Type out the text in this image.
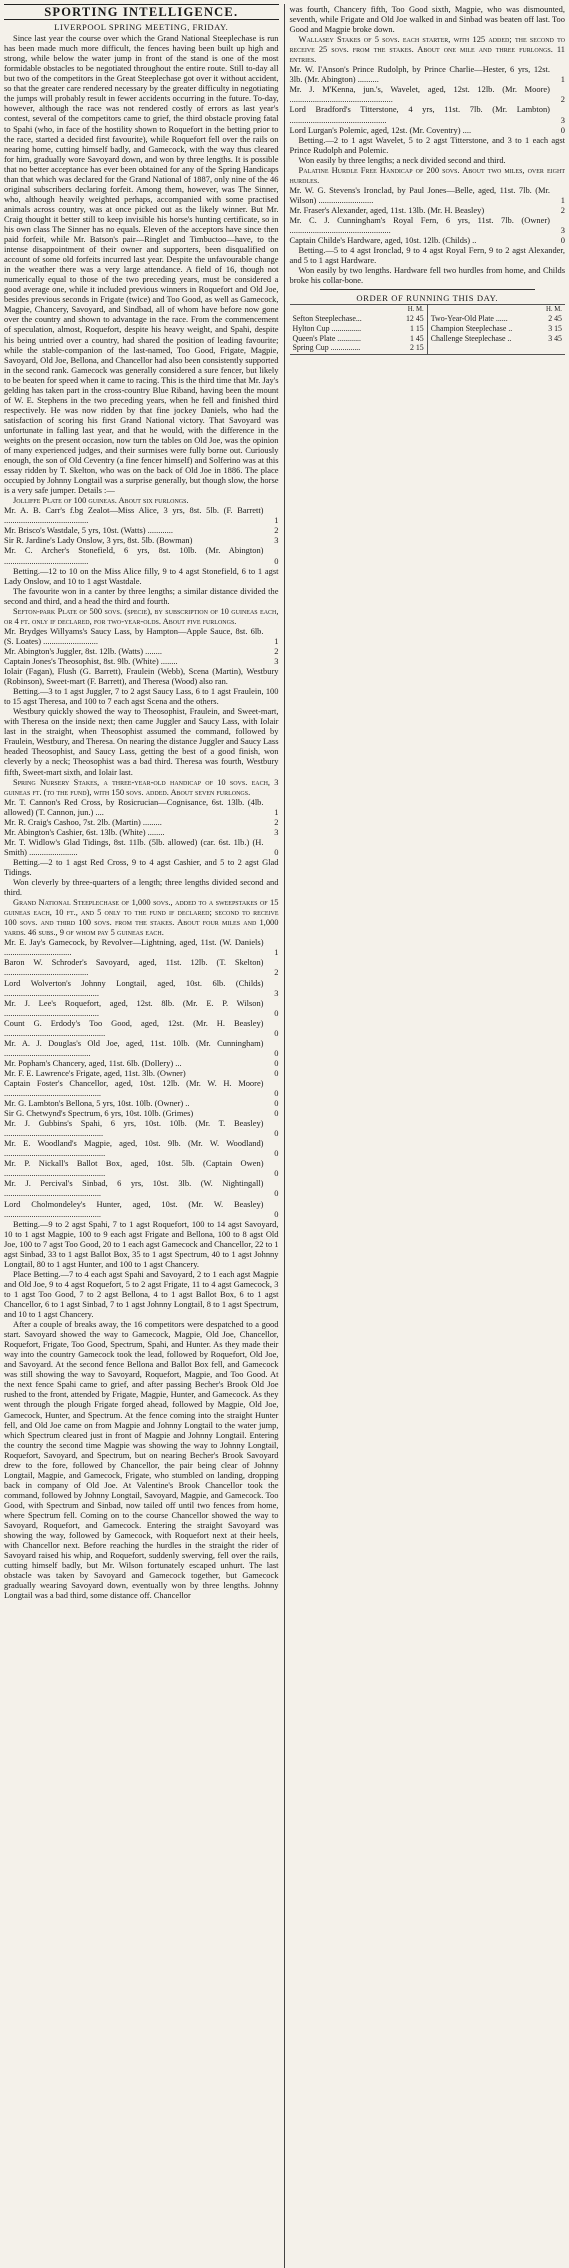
SPORTING INTELLIGENCE.
LIVERPOOL SPRING MEETING, FRIDAY.

Since last year the course over which the Grand National Steeplechase is run has been made much more difficult, the fences having been built up high and strong, while below the water jump in front of the stand is one of the most formidable obstacles to be negotiated throughout the entire route. Still to-day all but two of the competitors in the Great Steeplechase got over it without accident, so that the greater care rendered necessary by the greater difficulty in negotiating the jumps will probably result in fewer accidents occurring in the future. To-day, however, although the race was not rendered costly of errors as last year's contest, several of the competitors came to grief, the third obstacle proving fatal to Spahi (who, in face of the hostility shown to Roquefort in the betting prior to the race, started a decided first favourite), while Roquefort fell over the rails on nearing home, cutting himself badly, and Gamecock, with the way thus cleared for him, gradually wore Savoyard down, and won by three lengths. It is possible that no better acceptance has ever been obtained for any of the Spring Handicaps than that which was declared for the Grand National of 1887, only nine of the 46 original subscribers declaring forfeit. Among them, however, was The Sinner, who, although heavily weighted perhaps, accompanied with some practised animals across country, was at once picked out as the likely winner. But Mr. Craig thought it better still to keep invisible his horse's hunting certificate, so in his own class The Sinner has no equals. Eleven of the acceptors have since then paid forfeit, while Mr. Batson's pair—Ringlet and Timbuctoo—have, to the intense disappointment of their owner and supporters, been disqualified on account of some old forfeits incurred last year. Despite the unfavourable change in the weather there was a very large attendance. A field of 16, though not numerically equal to those of the two preceding years, must be considered a good average one, while it included previous winners in Roquefort and Old Joe, besides previous seconds in Frigate (twice) and Too Good, as well as Gamecock, Magpie, Chancery, Savoyard, and Sindbad, all of whom have before now gone over the country and shown to advantage in the race. From the commencement of speculation, almost, Roquefort, despite his heavy weight, and Spahi, despite his being untried over a country, had shared the position of leading favourite; while the stable-companion of the last-named, Too Good, Frigate, Magpie, Savoyard, Old Joe, Bellona, and Chancellor had also been consistently supported in the second rank. Gamecock was generally considered a sure fencer, but likely to be beaten for speed when it came to racing. This is the third time that Mr. Jay's gelding has taken part in the cross-country Blue Riband, having been the mount of W. E. Stephens in the two preceding years, when he fell and finished third respectively. He was now ridden by that fine jockey Daniels, who had the satisfaction of scoring his first Grand National victory. That Savoyard was unfortunate in falling last year, and that he would, with the difference in the weights on the present occasion, now turn the tables on Old Joe, was the opinion of many experienced judges, and their surmises were fully borne out. Curiously enough, the son of Old Ceventry (a fine fencer himself) and Solferino was at this essay ridden by T. Skelton, who was on the back of Old Joe in 1886. The place occupied by Johnny Longtail was a surprise generally, but though slow, the horse is a very safe jumper. Details :—

Jolliffe Plate of 100 guineas. About six furlongs.

Mr. A. B. Carr's f.bg Zealot—Miss Alice, 3 yrs, 8st. 5lb. (F. Barrett) ........................................	1
Mr. Brisco's Wastdale, 5 yrs, 10st. (Watts) ............	2
Sir R. Jardine's Lady Onslow, 3 yrs, 8st. 5lb. (Bowman)	3
Mr. C. Archer's Stonefield, 6 yrs, 8st. 10lb. (Mr. Abington) ........................................	0

Betting.—12 to 10 on the Miss Alice filly, 9 to 4 agst Stonefield, 6 to 1 agst Lady Onslow, and 10 to 1 agst Wastdale.

The favourite won in a canter by three lengths; a similar distance divided the second and third, and a head the third and fourth.

Sefton-park Plate of 500 sovs. (specie), by subscription of 10 guineas each, or 4 ft. only if declared, for two-year-olds. About five furlongs.

Mr. Brydges Willyams's Saucy Lass, by Hampton—Apple Sauce, 8st. 6lb. (S. Loates) ..........................	1
Mr. Abington's Juggler, 8st. 12lb. (Watts) ........	2
Captain Jones's Theosophist, 8st. 9lb. (White) ........	3

Iolair (Fagan), Flush (G. Barrett), Fraulein (Webb), Scena (Martin), Westbury (Robinson), Sweet-mart (F. Barrett), and Theresa (Wood) also ran.

Betting.—3 to 1 agst Juggler, 7 to 2 agst Saucy Lass, 6 to 1 agst Fraulein, 100 to 15 agst Theresa, and 100 to 7 each agst Scena and the others.

Westbury quickly showed the way to Theosophist, Fraulein, and Sweet-mart, with Theresa on the inside next; then came Juggler and Saucy Lass, with Iolair last in the straight, when Theosophist assumed the command, followed by Fraulein, Westbury, and Theresa. On nearing the distance Juggler and Saucy Lass headed Theosophist, and Saucy Lass, getting the best of a good finish, won cleverly by a neck; Theosophist was a bad third. Theresa was fourth, Westbury fifth, Sweet-mart sixth, and Iolair last.

Spring Nursery Stakes, a three-year-old handicap of 10 sovs. each, 3 guineas ft. (to the fund), with 150 sovs. added. About seven furlongs.

Mr. T. Cannon's Red Cross, by Rosicrucian—Cognisance, 6st. 13lb. (4lb. allowed) (T. Cannon, jun.) ....	1
Mr. R. Craig's Cashoo, 7st. 2lb. (Martin) .........	2
Mr. Abington's Cashier, 6st. 13lb. (White) ........	3
Mr. T. Widlow's Glad Tidings, 8st. 11lb. (5lb. allowed) (car. 6st. 1lb.) (H. Smith) .......................	0

Betting.—2 to 1 agst Red Cross, 9 to 4 agst Cashier, and 5 to 2 agst Glad Tidings.

Won cleverly by three-quarters of a length; three lengths divided second and third.

Grand National Steeplechase of 1,000 sovs., added to a sweepstakes of 15 guineas each, 10 ft., and 5 only to the fund if declared; second to receive 100 sovs. and third 100 sovs. from the stakes. About four miles and 1,000 yards. 46 subs., 9 of whom pay 5 guineas each.

Mr. E. Jay's Gamecock, by Revolver—Lightning, aged, 11st. (W. Daniels) ................................	1
Baron W. Schroder's Savoyard, aged, 11st. 12lb. (T. Skelton) ........................................	2
Lord Wolverton's Johnny Longtail, aged, 10st. 6lb. (Childs) .............................................	3
Mr. J. Lee's Roquefort, aged, 12st. 8lb. (Mr. E. P. Wilson) .............................................	0
Count G. Erdody's Too Good, aged, 12st. (Mr. H. Beasley) ................................................	0
Mr. A. J. Douglas's Old Joe, aged, 11st. 10lb. (Mr. Cunningham) .........................................	0
Mr. Popham's Chancery, aged, 11st. 6lb. (Dollery) ...	0
Mr. F. E. Lawrence's Frigate, aged, 11st. 3lb. (Owner)	0
Captain Foster's Chancellor, aged, 10st. 12lb. (Mr. W. H. Moore) ..............................................	0
Mr. G. Lambton's Bellona, 5 yrs, 10st. 10lb. (Owner) ..	0
Sir G. Chetwynd's Spectrum, 6 yrs, 10st. 10lb. (Grimes)	0
Mr. J. Gubbins's Spahi, 6 yrs, 10st. 10lb. (Mr. T. Beasley) ...............................................	0
Mr. E. Woodland's Magpie, aged, 10st. 9lb. (Mr. W. Woodland) ................................................	0
Mr. P. Nickall's Ballot Box, aged, 10st. 5lb. (Captain Owen) ................................................	0
Mr. J. Percival's Sinbad, 6 yrs, 10st. 3lb. (W. Nightingall) ..............................................	0
Lord Cholmondeley's Hunter, aged, 10st. (Mr. W. Beasley) ..............................................	0

Betting.—9 to 2 agst Spahi, 7 to 1 agst Roquefort, 100 to 14 agst Savoyard, 10 to 1 agst Magpie, 100 to 9 each agst Frigate and Bellona, 100 to 8 agst Old Joe, 100 to 7 agst Too Good, 20 to 1 each agst Gamecock and Chancellor, 22 to 1 agst Sinbad, 33 to 1 agst Ballot Box, 35 to 1 agst Spectrum, 40 to 1 agst Johnny Longtail, 80 to 1 agst Hunter, and 100 to 1 agst Chancery.

Place Betting.—7 to 4 each agst Spahi and Savoyard, 2 to 1 each agst Magpie and Old Joe, 9 to 4 agst Roquefort, 5 to 2 agst Frigate, 11 to 4 agst Gamecock, 3 to 1 agst Too Good, 7 to 2 agst Bellona, 4 to 1 agst Ballot Box, 6 to 1 agst Chancellor, 6 to 1 agst Sinbad, 7 to 1 agst Johnny Longtail, 8 to 1 agst Spectrum, and 10 to 1 agst Chancery.

After a couple of breaks away, the 16 competitors were despatched to a good start. Savoyard showed the way to Gamecock, Magpie, Old Joe, Chancellor, Roquefort, Frigate, Too Good, Spectrum, Spahi, and Hunter. As they made their way into the country Gamecock took the lead, followed by Roquefort, Old Joe, and Savoyard. At the second fence Bellona and Ballot Box fell, and Gamecock was still showing the way to Savoyard, Roquefort, Magpie, and Too Good. At the next fence Spahi came to grief, and after passing Becher's Brook Old Joe rushed to the front, attended by Frigate, Magpie, Hunter, and Gamecock. As they went through the plough Frigate forged ahead, followed by Magpie, Old Joe, Gamecock, Hunter, and Spectrum. At the fence coming into the straight Hunter fell, and Old Joe came on from Magpie and Johnny Longtail to the water jump, which Spectrum cleared just in front of Magpie and Johnny Longtail. Entering the country the second time Magpie was showing the way to Johnny Longtail, Roquefort, Savoyard, and Spectrum, but on nearing Becher's Brook Savoyard drew to the fore, followed by Chancellor, the pair being clear of Johnny Longtail, Magpie, and Gamecock, Frigate, who stumbled on landing, dropping back in company of Old Joe. At Valentine's Brook Chancellor took the command, followed by Johnny Longtail, Savoyard, Magpie, and Gamecock. Too Good, with Spectrum and Sinbad, now tailed off until two fences from home, where Spectrum fell. Coming on to the course Chancellor showed the way to Savoyard, Roquefort, and Gamecock. Entering the straight Savoyard was showing the way, followed by Gamecock, with Roquefort next at their heels, with Chancellor next. Before reaching the hurdles in the straight the rider of Savoyard raised his whip, and Roquefort, suddenly swerving, fell over the rails, cutting himself badly, but Mr. Wilson fortunately escaped unhurt. The last obstacle was taken by Savoyard and Gamecock together, but Gamecock gradually wearing Savoyard down, eventually won by three lengths. Johnny Longtail was a bad third, some distance off. Chancellor

was fourth, Chancery fifth, Too Good sixth, Magpie, who was dismounted, seventh, while Frigate and Old Joe walked in and Sinbad was beaten off last. Too Good and Magpie broke down.

Wallasey Stakes of 5 sovs. each starter, with 125 added; the second to receive 25 sovs. from the stakes. About one mile and three furlongs. 11 entries.

Mr. W. I'Anson's Prince Rudolph, by Prince Charlie—Hester, 6 yrs, 12st. 3lb. (Mr. Abington) ..........	1
Mr. J. M'Kenna, jun.'s, Wavelet, aged, 12st. 12lb. (Mr. Moore) .................................................	2
Lord Bradford's Titterstone, 4 yrs, 11st. 7lb. (Mr. Lambton) ..............................................	3
Lord Lurgan's Polemic, aged, 12st. (Mr. Coventry) ....	0

Betting.—2 to 1 agst Wavelet, 5 to 2 agst Titterstone, and 3 to 1 each agst Prince Rudolph and Polemic.

Won easily by three lengths; a neck divided second and third.

Palatine Hurdle Free Handicap of 200 sovs. About two miles, over eight hurdles.

Mr. W. G. Stevens's Ironclad, by Paul Jones—Belle, aged, 11st. 7lb. (Mr. Wilson) ..........................	1
Mr. Fraser's Alexander, aged, 11st. 13lb. (Mr. H. Beasley)	2
Mr. C. J. Cunningham's Royal Fern, 6 yrs, 11st. 7lb. (Owner) ................................................	3
Captain Childe's Hardware, aged, 10st. 12lb. (Childs) ..	0

Betting.—5 to 4 agst Ironclad, 9 to 4 agst Royal Fern, 9 to 2 agst Alexander, and 5 to 1 agst Hardware.

Won easily by two lengths. Hardware fell two hurdles from home, and Childs broke his collar-bone.

ORDER OF RUNNING THIS DAY.
H. M.
Sefton Steeplechase...	12 45
Hylton Cup ...............	1 15
Queen's Plate ............	1 45
Spring Cup ...............	2 15
H. M.
Two-Year-Old Plate ......	2 45
Champion Steeplechase ..	3 15
Challenge Steeplechase ..	3 45
